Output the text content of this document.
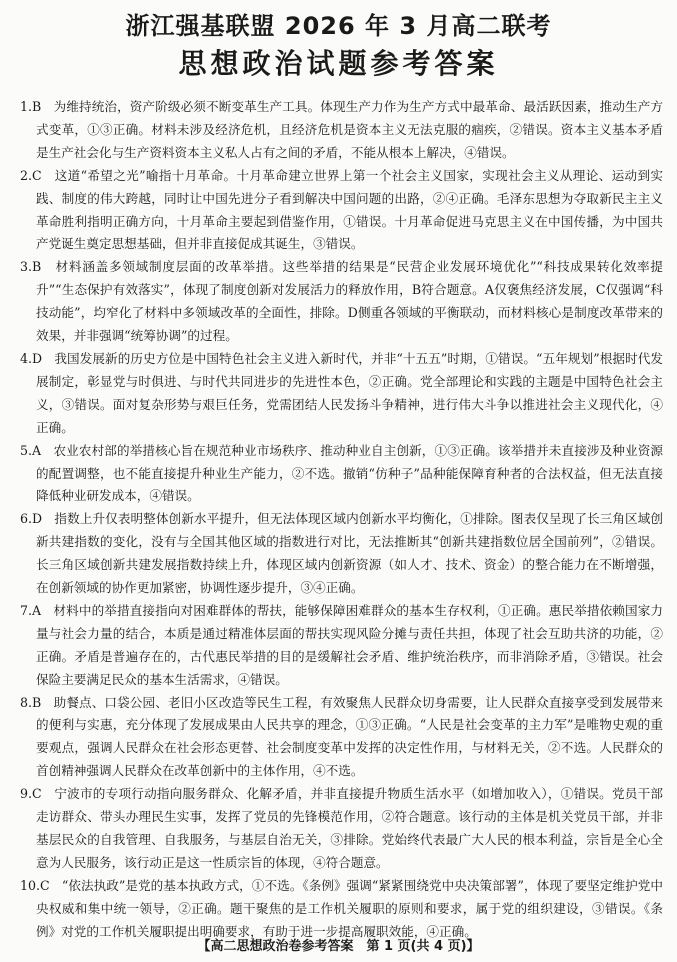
浙江强基联盟 2026 年 3 月高二联考
思想政治试题参考答案

1.B 为维持统治，资产阶级必须不断变革生产工具。体现生产力作为生产方式中最革命、最活跃因素，推动生产方式变革，①③正确。材料未涉及经济危机，且经济危机是资本主义无法克服的痼疾，②错误。资本主义基本矛盾是生产社会化与生产资料资本主义私人占有之间的矛盾，不能从根本上解决，④错误。

2.C 这道“希望之光”喻指十月革命。十月革命建立世界上第一个社会主义国家，实现社会主义从理论、运动到实践、制度的伟大跨越，同时让中国先进分子看到解决中国问题的出路，②④正确。毛泽东思想为夺取新民主主义革命胜利指明正确方向，十月革命主要起到借鉴作用，①错误。十月革命促进马克思主义在中国传播，为中国共产党诞生奠定思想基础，但并非直接促成其诞生，③错误。

3.B 材料涵盖多领域制度层面的改革举措。这些举措的结果是“民营企业发展环境优化”“科技成果转化效率提升”“生态保护有效落实”，体现了制度创新对发展活力的释放作用，B符合题意。A仅褒焦经济发展，C仅强调“科技动能”，均窄化了材料中多领域改革的全面性，排除。D侧重各领域的平衡联动，而材料核心是制度改革带来的效果，并非强调“统筹协调”的过程。

4.D 我国发展新的历史方位是中国特色社会主义进入新时代，并非“十五五”时期，①错误。“五年规划”根据时代发展制定，彰显党与时俱进、与时代共同进步的先进性本色，②正确。党全部理论和实践的主题是中国特色社会主义，③错误。面对复杂形势与艰巨任务，党需团结人民发扬斗争精神，进行伟大斗争以推进社会主义现代化，④正确。

5.A 农业农村部的举措核心旨在规范种业市场秩序、推动种业自主创新，①③正确。该举措并未直接涉及种业资源的配置调整，也不能直接提升种业生产能力，②不选。撤销“仿种子”品种能保障育种者的合法权益，但无法直接降低种业研发成本，④错误。

6.D 指数上升仅表明整体创新水平提升，但无法体现区域内创新水平均衡化，①排除。图表仅呈现了长三角区域创新共建指数的变化，没有与全国其他区域的指数进行对比，无法推断其“创新共建指数位居全国前列”，②错误。长三角区域创新共建发展指数持续上升，体现区域内创新资源（如人才、技术、资金）的整合能力在不断增强，在创新领域的协作更加紧密，协调性逐步提升，③④正确。

7.A 材料中的举措直接指向对困难群体的帮扶，能够保障困难群众的基本生存权利，①正确。惠民举措依赖国家力量与社会力量的结合，本质是通过精准体层面的帮扶实现风险分摊与责任共担，体现了社会互助共济的功能，②正确。矛盾是普遍存在的，古代惠民举措的目的是缓解社会矛盾、维护统治秩序，而非消除矛盾，③错误。社会保险主要满足民众的基本生活需求，④错误。

8.B 助餐点、口袋公园、老旧小区改造等民生工程，有效聚焦人民群众切身需要，让人民群众直接享受到发展带来的便利与实惠，充分体现了发展成果由人民共享的理念，①③正确。“人民是社会变革的主力军”是唯物史观的重要观点，强调人民群众在社会形态更替、社会制度变革中发挥的决定性作用，与材料无关，②不选。人民群众的首创精神强调人民群众在改革创新中的主体作用，④不选。

9.C 宁波市的专项行动指向服务群众、化解矛盾，并非直接提升物质生活水平（如增加收入），①错误。党员干部走访群众、带头办理民生实事，发挥了党员的先锋模范作用，②符合题意。该行动的主体是机关党员干部，并非基层民众的自我管理、自我服务，与基层自治无关，③排除。党始终代表最广大人民的根本利益，宗旨是全心全意为人民服务，该行动正是这一性质宗旨的体现，④符合题意。

10.C “依法执政”是党的基本执政方式，①不选。《条例》强调“紧紧围绕党中央决策部署”，体现了要坚定维护党中央权威和集中统一领导，②正确。题干聚焦的是工作机关履职的原则和要求，属于党的组织建设，③错误。《条例》对党的工作机关履职提出明确要求，有助于进一步提高履职效能，④正确。

【高二思想政治卷参考答案　第 1 页(共 4 页)】
